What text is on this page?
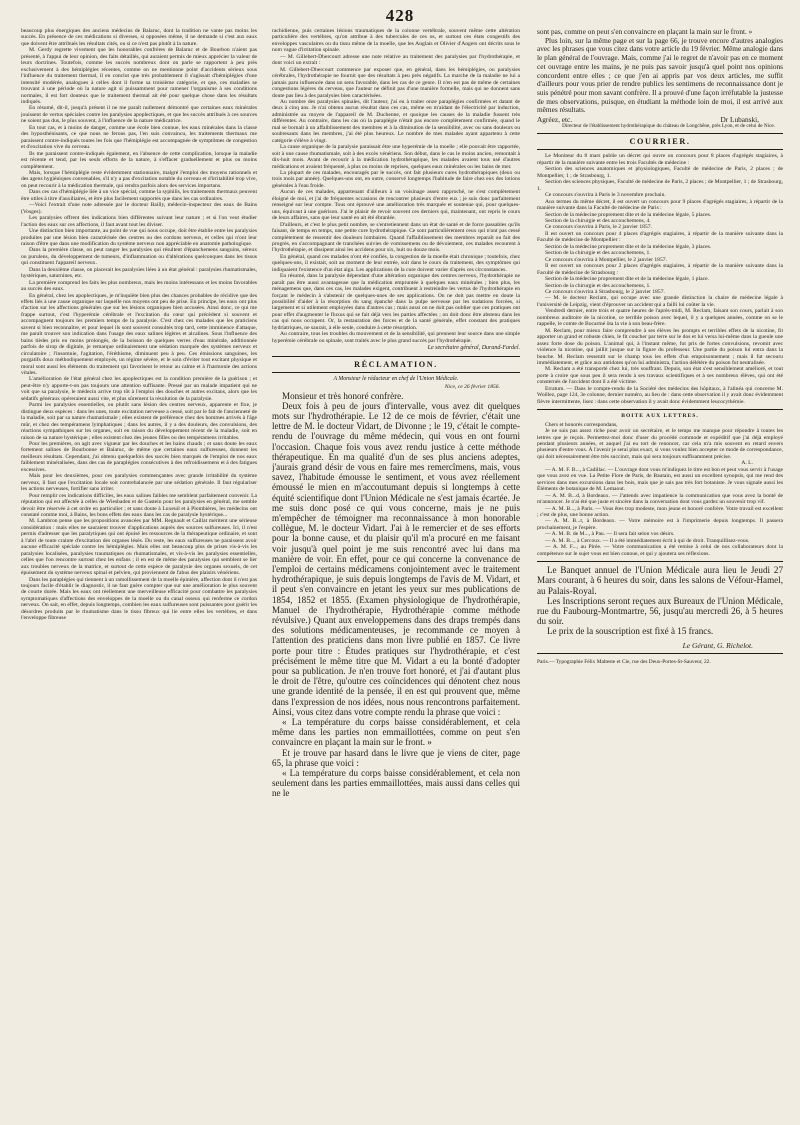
428

beaucoup plus énergiques des anciens médecins de Balaruc, dont la tradition ne vante pas moins les succès. En présence de ces médications si diverses, si opposées même, il ne demande si c'est aux eaux que doivent être attribués les résultats cités, ou si ce n'est pas plutôt à la nature.

M. Gerdy regrette vivement que les honorables confrères de Balaruc et de Bourbon n'aient pas présenté, à l'appui de leur opinion, des faits détaillés, qui auraient permis de mieux apprécier la valeur de leurs doctrines. Toutefois, comme les succès nombreux dont on parle se rapportent à peu près exclusivement à des hémiplégies récentes, comme on ne mentionne point d'accidents sérieux sous l'influence du traitement thermal, il en conclut que très probablement il s'agissait d'hémiplégies d'une intensité modérée, analogues à celles dont il forme sa troisième catégorie, et que, ces maladies se trouvant à une période où la nature agit si puissamment pour ramener l'organisme à ses conditions normales, il est fort douteux que le traitement thermal ait été pour quelque chose dans les résultats indiqués.

En résumé, dit-il, jusqu'à présent il ne me paraît nullement démontré que certaines eaux minérales jouissent de vertus spéciales contre les paralysies apoplectiques, et que les succès attribués à ces sources ne soient pas dus, le plus souvent, à l'influence de la nature médicatrice.

En tout cas, et à moins de danger, comme une école bien connue, les eaux minérales dans la classe des hyposthénisants, ce que nous ne ferons pas, l'en suis convaincu, les traitements thermaux me paraissent contre-indiqués toutes les fois que l'hémiplégie est accompagnée de symptômes de congestion et d'excitation vive du cerveau.

Ils me paraissent contre-indiqués également, en l'absence de cette complication, lorsque la maladie est récente et tend, par les seuls efforts de la nature, à s'effacer graduellement et plus ou moins complètement.

Mais, lorsque l'hémiplégie reste évidemment stationnaire, malgré l'emploi des moyens rationnels et des agens hygiéniques convenables, s'il n'y a pas d'excitation notable du cerveau et d'irritabilité trop vive, on peut recourir à la médication thermale, qui rendra parfois alors des services importans.

Dans ces cas d'hémiplégie liée à un vice spécial, comme la syphilis, les traitements thermaux peuvent être utiles à titre d'auxiliaires, et être plus facilement supportés que dans les cas ordinaires.

—Voici l'extrait d'une note adressée par le docteur Bailly, médecin-inspecteur des eaux de Bains (Vosges).

Les paralysies offrent des indications bien différentes suivant leur nature ; et si l'on veut étudier l'action des eaux sur ces affections, il faut avant tout les diviser.

Une distinction bien importante, au point de vue qui nous occupe, doit être établie entre les paralysies produites par une lésion bien caractérisée des centres ou des cordons nerveux, et celles qui n'ont leur raison d'être que dans une modification du système nerveux non appréciable en anatomie pathologique.

Dans la première classe, on peut ranger les paralysies qui résultent d'épanchemens sanguins, séreux ou purulens, du développement de tumeurs, d'inflammation ou d'altérations quelconques dans les tissus qui constituent l'appareil nerveux.

Dans la deuxième classe, on placerait les paralysies liées à un état général : paralysies rhumatismales, hystériques, saturnines, etc.

La première comprend les faits les plus nombreux, mais les moins intéressans et les moins favorables au succès des eaux.

En général, chez les apoplectiques, je m'inquiète bien plus des chances probables de récidive que des effets liés à une cause organique sur laquelle nos moyens ont peu de prise. En principe, les eaux ont plus d'action sur les affections générales que sur les lésions organiques bien accusées. Ainsi donc, ce qui me frappe surtout, c'est l'hyperémie cérébrale et l'excitation du cœur qui précèdent si souvent et accompagnent toujours les premiers temps de la paralysie. C'est chez ces malades que les praticiens savent si bien reconnaître, et pour lequel ils sont souvent consultés trop tard, cette imminence d'attaque, me paraît trouver son indication dans l'usage des eaux salines légères et alcalines. Sous l'influence des bains tièdes pris en moins prolongés, de la boisson de quelques verres d'eau minérale, additionnée parfois de sirop de digitale, je remarque ordinairement une sédation marquée des systèmes nerveux et circulatoire ; l'insomnie, l'agitation, l'éréthisme, diminuent peu à peu. Ces émissions sanguines, les purgatifs doux méthodiquement employés, un régime sévère, et le soin d'éviter tout excitant physique et moral sont aussi les éléments du traitement qui favorisent le retour au calme et à l'harmonie des actions vitales.

L'amélioration de l'état général chez les apoplectiques est la condition première de la guérison ; et peut-être n'y apporte-t-on pas toujours une attention suffisante. Pressé par un malade impatient qui ne voit que sa paralysie, le médecin arrive trop tôt à l'emploi des douches et autres excitans, alors que les sédatifs généraux opéreraient aussi vite, et plus sûrement la résolution de la paralysie.

Parmi les paralysies essentielles, ou plutôt sans lésion des centres nerveux, apparente et fixe, je distingue deux espèces : dans les unes, toute excitation nerveuse a cessé, soit par le fait de l'ancienneté de la maladie, soit par sa nature rhumatismale ; elles existent de préférence chez des hommes arrivés à l'âge mûr, et chez des tempéramens lymphatiques ; dans les autres, il y a des douleurs, des convulsions, des réactions sympathiques sur les organes, soit en raison du développement récent de la maladie, soit en raison de sa nature hystérique ; elles existent chez des jeunes filles ou des tempéramens irritables.

Pour les premières, on agit avec vigueur par les douches et les bains chauds ; et sans doute les eaux fortement salines de Bourbonne et Balaruc, de même que certaines eaux sulfureuses, donnent les meilleurs résultats. Cependant, j'ai obtenu quelquefois des succès bien marqués de l'emploi de nos eaux faiblement minéralisées, dans des cas de paraplégies consécutives à des refroidissemens et à des fatigues excessives.

Mais pour les deuxièmes, pour ces paralysies commençantes avec grande irritabilité du système nerveux, il faut que l'excitation locale soit contrebalancée par une sédation générale. Il faut régulariser les actions nerveuses, fortifier sans irriter.

Pour remplir ces indications difficiles, les eaux salines faibles me semblent parfaitement convenir. La réputation qui est affectée à celles de Wiesbaden et de Gastein pour les paralysies en général, me semble devoir être réservée à cet ordre en particulier ; et sans doute à Luxeuil et à Plombières, les médecins ont constaté comme moi, à Bains, les bons effets des eaux dans les cas de paralysie hystérique...

M. Lambron pense que les propositions avancées par MM. Regnault et Caillat méritent une sérieuse considération : mais elles ne sauraient trouver d'applications auprès des sources sulfureuses. Ici, il n'est permis d'adresser que les paralytiques qui ont épuisé les ressources de la thérapeutique ordinaire, et sont à l'abri de toute crainte d'excitation des organes lésés. Du reste, les eaux sulfureuses ne paraissent avoir aucune efficacité spéciale contre les hémiplégies. Mais elles ont beaucoup plus de prises vis-à-vis les paralysies localisées, paralysies traumatiques ou rhumatismales, et vis-à-vis les paralysies essentielles, celles que l'on rencontre surtout chez les enfans ; il en est de même des paralysies qui semblent se lier aux troubles nerveux de la matrice, et surtout de cette espèce de paralysie des organes sexuels, de cet épuisement du système nerveux spinal et pelvien, qui proviennent de l'abus des plaisirs vénériens.

Dans les paraplégies qui tiennent à un ramollissement de la moelle épinière, affection dont il n'est pas toujours facile d'établir le diagnostic, il ne faut guère compter que sur une amélioration le plus souvent de courte durée. Mais les eaux ont réellement une merveilleuse efficacité pour combattre les paralysies symptomatiques d'affections des enveloppes de la moelle ou du canal osseux qui renferme ce cordon nerveux. On sait, en effet, depuis longtemps, combien les eaux sulfureuses sont puissantes pour guérir les désordres produits par le rhumatisme dans le tissu fibreux qui lie entre elles les vertèbres, et dans l'enveloppe fibreuse

rachidienne, puis certaines lésions traumatiques de la colonne vertébrale, souvent même cette altération particulière des vertèbres, qu'on attribue à des tubercules de ces os, et surtout ces états congestifs des enveloppes vasculaires ou du tissu même de la moelle, que les Anglais et Olivier d'Angers ont décrits sous le nom vague d'irritation spinale.

— M. Gillebert-Dhercourt adresse une note relative au traitement des paralysies par l'hydrothérapie, et dont voici un extrait :

M. Gillebert-Dhercourt commence par exposer que, en général, dans les hémiplégies, ou paralysies cérébrales, l'hydrothérapie ne fournit que des résultats à peu près négatifs. La marche de la maladie ne lui a jamais paru influencée dans un sens favorable, dans les cas de ce genre. Il n'en est pas de même de certaines congestions légères du cerveau, que l'auteur ne définit pas d'une manière formelle, mais qui ne donnent sans doute pas lieu à des paralysies bien caractérisées.

Au nombre des paralysies spinales, dit l'auteur, j'ai eu à traiter onze paraplégies confirmées et datant de deux à cinq ans. Je n'ai obtenu aucun résultat dans ces cas, même en m'aidant de l'électricité par induction, administrée au moyen de l'appareil de M. Duchenne, et quoique les causes de la maladie fussent très différentes. Au contraire, dans les cas où la paraplégie n'était pas encore complètement confirmée, quand le mal se bornait à un affaiblissement des membres et à la diminution de la sensibilité, avec ou sans douleurs ou soubresauts dans les membres, j'ai été plus heureux. Le nombre de mes malades ayant appartenu à cette catégorie s'élève à vingt.

La cause organique de la paralysie paraissait être une hyperémie de la moelle ; elle pouvait être rapportée, soit à une cause rhumatismale, soit à des excès vénériens. Son début, dans le cas le moins ancien, remontait à dix-huit mois. Avant de recourir à la médication hydrothérapique, les malades avaient tous usé d'autres médications et avaient fréquenté, à plus ou moins de reprises, quelques eaux minérales ou les bains de mer.

La plupart de ces malades, encouragés par le succès, ont fait plusieurs cures hydrothérapiques (deux ou trois mois par année). Quelques-uns ont, en outre, conservé longtemps l'habitude de faire chez eux des lotions générales à l'eau froide.

Aucun de ces malades, appartenant d'ailleurs à un voisinage assez rapproché, ne s'est complètement éloigné de moi, et j'ai de fréquentes occasions de rencontrer plusieurs d'entre eux ; je suis donc parfaitement renseigné sur leur compte. Tous ont éprouvé une amélioration très marquée et soutenue qui, pour quelques-uns, équivaut à une guérison. J'ai le plaisir de revoir souvent ces derniers qui, maintenant, ont repris le cours de leurs affaires, sans que leur santé en ait été ébranlée.

D'ailleurs, et c'est le plus petit nombre, se s'entretiennent dans un état de santé et de force passables qu'ils faisant, de temps en temps, une petite cure hydrothérapique. Ce sont particulièrement ceux qui n'ont pas cessé complètement de ressentir des douleurs lombaires. Quand l'affaiblissement des membres reparaît ou fait des progrès, en s'accompagnant de tranchées suivies de vomissemens ou de dévoiement, ces malades recourent à l'hydrothérapie, et dissipent ainsi les accidens pour six, huit ou douze mois.

En général, quand ces malades n'ont été confiés, la congestion de la moelle était chronique ; toutefois, chez quelques-uns, il existait, soit au moment de leur entrée, soit dans le cours du traitement, des symptômes qui indiquaient l'existence d'un état aigu. Les applications de la cure doivent varier d'après ces circonstances.

En résumé, dans la paralysie dépendant d'une altération organique des centres nerveux, l'hydrothérapie ne paraît pas être aussi avantageuse que la médication empruntée à quelques eaux minérales ; bien plus, les ménagemens que, dans ces cas, les malades exigent, contribuent à restreindre les vertus de l'hydrothérapie en forçant le médecin à s'abstenir de quelques-unes de ses applications. On ne doit pas mettre en doute la possibilité d'aider à la résorption du sang épanché dans la pulpe nerveuse par les sudations forcées, si largement et si utilement employées dans d'autres cas ; mais aussi on ne doit pas oublier que ces pratiques ont pour effet d'augmenter le fluxus qui se fait déjà vers les parties affectées ; on doit donc être abstenu dans les cas qui nous occupent. Or, la restauration des forces et de la santé générale, effet constant des pratiques hydriatriques, ne saurait, à elle seule, conduire à cette résorption.

Au contraire, tous les troubles du mouvement et de la sensibilité, qui prennent leur source dans une simple hyperémie cérébrale ou spinale, sont traités avec le plus grand succès par l'hydrothérapie.

Le secrétaire général, Durand-Fardel.
RÉCLAMATION.
A Monsieur le rédacteur en chef de l'Union Médicale.
Nice, ce 26 février 1856.

Monsieur et très honoré confrère.

Deux fois à peu de jours d'intervalle, vous avez dit quelques mots sur l'hydrothérapie. Le 12 de ce mois de février, c'était une lettre de M. le docteur Vidart, de Divonne ; le 19, c'était le compte-rendu de l'ouvrage du même médecin, qui vous en ont fourni l'occasion. Chaque fois vous avez rendu justice à cette méthode thérapeutique. En ma qualité d'un de ses plus anciens adeptes, j'aurais grand désir de vous en faire mes remercîmens, mais, vous savez, l'habitude émousse le sentiment, et vous avez réellement émoussé le mien en m'accoutumant depuis si longtemps à cette équité scientifique dont l'Union Médicale ne s'est jamais écartée. Je me suis donc posé ce qui vous concerne, mais je ne puis m'empêcher de témoigner ma reconnaissance à mon honorable collègue, M. le docteur Vidart. J'ai à le remercier et de ses efforts pour la bonne cause, et du plaisir qu'il m'a procuré en me faisant voir jusqu'à quel point je me suis rencontré avec lui dans ma manière de voir. En effet, pour ce qui concerne la convenance de l'emploi de certains médicamens conjointement avec le traitement hydrothérapique, je suis depuis longtemps de l'avis de M. Vidart, et il peut s'en convaincre en jetant les yeux sur mes publications de 1854, 1852 et 1855. (Examen physiologique de l'hydrothérapie, Manuel de l'hydrothérapie, Hydrothérapie comme méthode révulsive.) Quant aux enveloppemens dans des draps trempés dans des solutions médicamenteuses, je recommande ce moyen à l'attention des praticiens dans mon livre publié en 1857. Ce livre porte pour titre : Études pratiques sur l'hydrothérapie, et c'est précisément le même titre que M. Vidart a eu la bonté d'adopter pour sa publication. Je n'en trouve fort honoré, et j'ai d'autant plus le droit de l'être, qu'outre ces coïncidences qui dénotent chez nous une grande identité de la pensée, il en est qui prouvent que, même dans l'expression de nos idées, nous nous rencontrons parfaitement. Ainsi, vous citez dans votre compte rendu la phrase que voici :

« La température du corps baisse considérablement, et cela même dans les parties non emmaillottées, comme on peut s'en convaincre en plaçant la main sur le front. »

Et je trouve par hasard dans le livre que je viens de citer, page 65, la phrase que voici :

« La température du corps baisse considérablement, et cela non seulement dans les parties emmaillottées, mais aussi dans celles qui ne le

sont pas, comme on peut s'en convaincre en plaçant la main sur le front. »

Plus loin, sur la même page et sur la page 66, je trouve encore d'autres analogies avec les phrases que vous citez dans votre article du 19 février. Même analogie dans le plan général de l'ouvrage. Mais, comme j'ai le regret de n'avoir pas en ce moment cet ouvrage entre les mains, je ne puis pas savoir jusqu'à quel point nos opinions concordent entre elles ; ce que j'en ai appris par vos deux articles, me suffit d'ailleurs pour vous prier de rendre publics les sentimens de reconnaissance dont je suis pénétré pour mon savant confrère. Il a prouvé d'une façon irréfutable la justesse de mes observations, puisque, en étudiant la méthode loin de moi, il est arrivé aux mêmes résultats.

Agréez, etc.	Dr Lubanski,
Directeur de l'établissement hydrothérapique du château de Longchêne, près Lyon, et de celui de Nice.
COURRIER.

Le Moniteur du 8 mars publie un décret qui ouvre un concours pour 8 places d'agrégés stagiaires, à répartir de la manière suivante entre les trois Facultés de médecine :

Section des sciences anatomiques et physiologiques, Faculté de médecine de Paris, 2 places ; de Montpellier, 1 ; de Strasbourg, 1.

Section des sciences physiques, Faculté de médecine de Paris, 2 places ; de Montpellier, 1 ; de Strasbourg, 1.

Ce concours s'ouvrira à Paris le 3 novembre prochain.

Aux termes du même décret, il est ouvert un concours pour 9 places d'agrégés stagiaires, à répartir de la manière suivante dans la Faculté de médecine de Paris :

Section de la médecine proprement dite et de la médecine légale, 5 places.

Section de la chirurgie et des accouchemens, 4.

Ce concours s'ouvrira à Paris, le 2 janvier 1857.

Il est ouvert un concours pour 4 places d'agrégés stagiaires, à répartir de la manière suivante dans la Faculté de médecine de Montpellier :

Section de la médecine proprement dite et de la médecine légale, 3 places.

Section de la chirurgie et des accouchemens, 1.

Ce concours s'ouvrira à Montpellier, le 2 janvier 1857.

Il est ouvert un concours pour 2 places d'agrégés stagiaires, à répartir de la manière suivante dans la Faculté de médecine de Strasbourg :

Section de la médecine proprement dite et de la médecine légale, 1 place.

Section de la chirurgie et des accouchemens, 1.

Ce concours s'ouvrira à Strasbourg, le 2 janvier 1857.

— M. le docteur Reclam, qui occupe avec une grande distinction la chaire de médecine légale à l'université de Leipzig, vient d'éprouver un accident qui a failli lui coûter la vie.

Vendredi dernier, entre trois et quatre heures de l'après-midi, M. Reclam, faisant son cours, parlait à son nombreux auditoire de la nicotine, ce terrible poison avec lequel, il y a quelques années, comme on se le rappelle, le comte de Bocarmé ôta la vie à son beau-frère.

M. Reclam, pour mieux faire comprendre à ses élèves les prompts et terribles effets de la nicotine, fit apporter un grand et robuste chien, le fit coucher par terre sur le dos et lui versa lui-même dans la gueule une assez forte dose du poison. L'animal qui, à l'instant même, fut pris de fortes convulsions, revomit avec violence la nicotine, qui jaillit jusque sur la figure du professeur. Une partie du poison lui entra dans la bouche. M. Reclam ressentit sur le champ tous les effets d'un empoisonnement ; mais il fut secouru immédiatement, et grâce aux antidotes qu'on lui administra, l'action délétère du poison fut neutralisée.

M. Reclam a été transporté chez lui, très souffrant. Depuis, son état s'est sensiblement amélioré, et tout porte à croire que sous peu il sera rendu à ses travaux scientifiques et à ses nombreux élèves, qui ont été consternés de l'accident dont il a été victime.

Erratum. — Dans le compte-rendu de la Société des médecins des hôpitaux, à l'alinéa qui concerne M. Woillez, page 124, 3e colonne, dernier numéro, au lieu de : dans cette observation il y avait donc évidemment fièvre intermittente, lisez : dans cette observation il y avait donc évidemment leucocythémie.

BOITE AUX LETTRES.

Chers et honorés correspondans,

Je ne suis pas assez riche pour avoir un secrétaire, et le temps me manque pour répondre à toutes les lettres que je reçois. Permettez-moi donc d'user du procédé commode et expéditif que j'ai déjà employé pendant plusieurs années, et auquel j'ai eu tort de renoncer, car cela m'a mis souvent en retard envers plusieurs d'entre vous. À l'avenir je serai plus exact, si vous voulez bien accepter ce mode de correspondance, qui doit nécessairement être très succinct, mais qui sera toujours suffisamment précise.

A. L.

— A. M. F. B..., à Cadillac. — L'ouvrage dont vous m'indiquez le titre est bon et peut vous servir à l'usage que vous avez en vue. La Petite Flore de Paris, de Bautain, est aussi un excellent synopsis, qui me rend des services dans mes excursions dans les bois, mais que je sais pas très fort botaniste. Je vous signale aussi les Éléments de botanique de M. Lemaout.

— A. M. B...d, à Bordeaux. — J'attends avec impatience la communication que vous avez la bonté de m'annoncer. Je n'ai été que juste et sincère dans la conversation dont vous gardez un souvenir trop vif.

— A. M. B..., à Paris. — Vous êtes trop modeste, mon jeune et honoré confrère. Votre travail est excellent ; c'est de plus, une bonne action.

— A. M. B...t, à Bordeaux. — Votre mémoire est à l'imprimerie depuis longtemps. Il passera prochainement, je l'espère.

— A. M. B. de M..., à Pau. — Il sera fait selon vos désirs.

— A. M. B..., à Cercoux. — Il a été immédiatement écrit à qui de droit. Tranquillisez-vous.

— A. M. F..., au Pirée. — Votre communication a été remise à celui de nos collaborateurs dont la compétence sur le sujet vous est bien connue, et qui y ajoutera ses réflexions.

Le Banquet annuel de l'Union Médicale aura lieu le Jeudi 27 Mars courant, à 6 heures du soir, dans les salons de Véfour-Hamel, au Palais-Royal.

Les Inscriptions seront reçues aux Bureaux de l'Union Médicale, rue du Faubourg-Montmartre, 56, jusqu'au mercredi 26, à 5 heures du soir.

Le prix de la souscription est fixé à 15 francs.

Le Gérant, G. Richelot.
Paris.— Typographie Félix Malteste et Cie, rue des Deux-Portes-St-Sauveur, 22.
